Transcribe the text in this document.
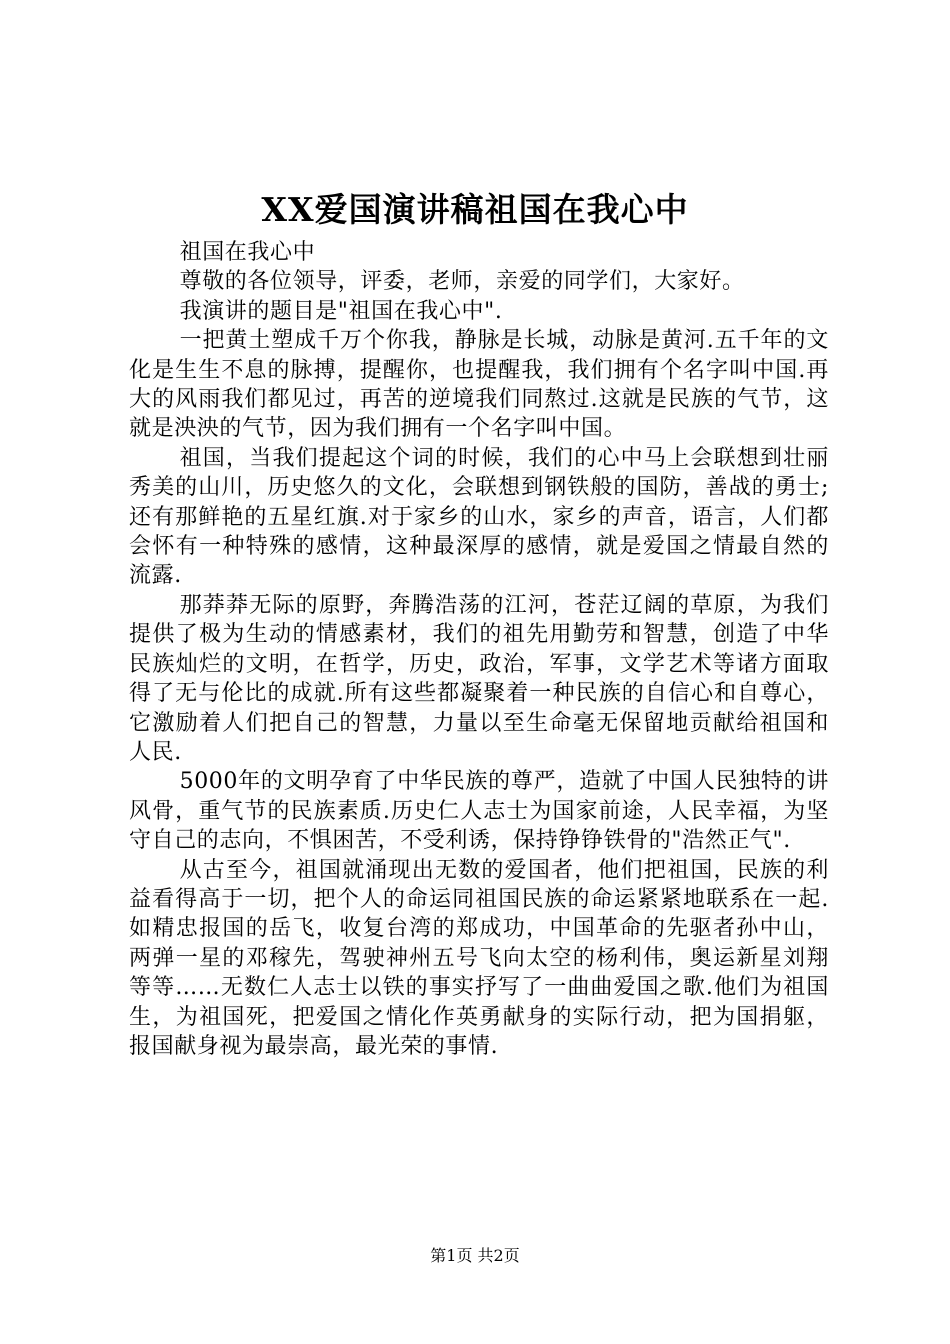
XX爱国演讲稿祖国在我心中

祖国在我心中

尊敬的各位领导，评委，老师，亲爱的同学们，大家好。

我演讲的题目是"祖国在我心中".

一把黄土塑成千万个你我，静脉是长城，动脉是黄河.五千年的文化是生生不息的脉搏，提醒你，也提醒我，我们拥有个名字叫中国.再大的风雨我们都见过，再苦的逆境我们同熬过.这就是民族的气节，这就是泱泱的气节，因为我们拥有一个名字叫中国。

祖国，当我们提起这个词的时候，我们的心中马上会联想到壮丽秀美的山川，历史悠久的文化，会联想到钢铁般的国防，善战的勇士;还有那鲜艳的五星红旗.对于家乡的山水，家乡的声音，语言，人们都会怀有一种特殊的感情，这种最深厚的感情，就是爱国之情最自然的流露.

那莽莽无际的原野，奔腾浩荡的江河，苍茫辽阔的草原，为我们提供了极为生动的情感素材，我们的祖先用勤劳和智慧，创造了中华民族灿烂的文明，在哲学，历史，政治，军事，文学艺术等诸方面取得了无与伦比的成就.所有这些都凝聚着一种民族的自信心和自尊心，它激励着人们把自己的智慧，力量以至生命毫无保留地贡献给祖国和人民.

5000年的文明孕育了中华民族的尊严，造就了中国人民独特的讲风骨，重气节的民族素质.历史仁人志士为国家前途，人民幸福，为坚守自己的志向，不惧困苦，不受利诱，保持铮铮铁骨的"浩然正气".

从古至今，祖国就涌现出无数的爱国者，他们把祖国，民族的利益看得高于一切，把个人的命运同祖国民族的命运紧紧地联系在一起.如精忠报国的岳飞，收复台湾的郑成功，中国革命的先驱者孙中山，两弹一星的邓稼先，驾驶神州五号飞向太空的杨利伟，奥运新星刘翔等等……无数仁人志士以铁的事实抒写了一曲曲爱国之歌.他们为祖国生，为祖国死，把爱国之情化作英勇献身的实际行动，把为国捐躯，报国献身视为最崇高，最光荣的事情.

第1页 共2页
